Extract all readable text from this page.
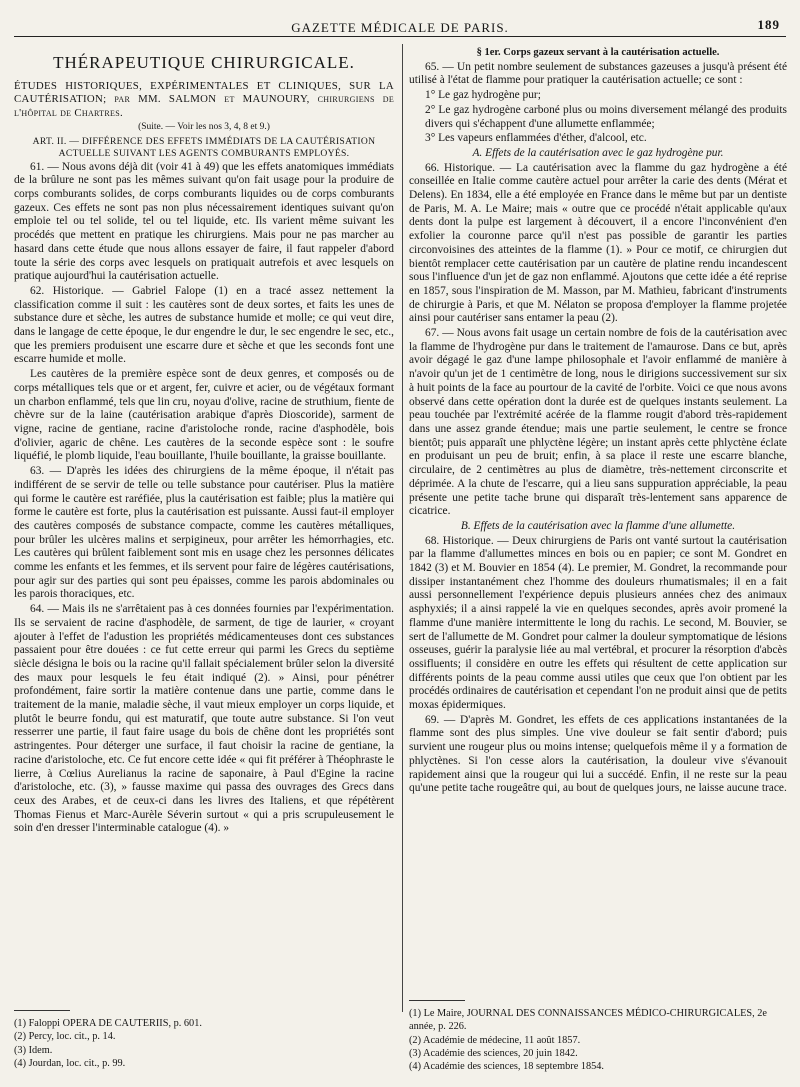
GAZETTE MÉDICALE DE PARIS.	189
THÉRAPEUTIQUE CHIRURGICALE.

ÉTUDES HISTORIQUES, EXPÉRIMENTALES ET CLINIQUES, SUR LA CAUTÉRISATION; par MM. SALMON et MAUNOURY, chirurgiens de l'hôpital de Chartres.

(Suite. — Voir les nos 3, 4, 8 et 9.)

ART. II. — DIFFÉRENCE DES EFFETS IMMÉDIATS DE LA CAUTÉRISATION ACTUELLE SUIVANT LES AGENTS COMBURANTS EMPLOYÉS.

61. — Nous avons déjà dit (voir 41 à 49) que les effets anatomiques immédiats de la brûlure ne sont pas les mêmes suivant qu'on fait usage pour la produire de corps comburants solides, de corps comburants liquides ou de corps comburants gazeux. Ces effets ne sont pas non plus nécessairement identiques suivant qu'on emploie tel ou tel solide, tel ou tel liquide, etc. Ils varient même suivant les procédés que mettent en pratique les chirurgiens. Mais pour ne pas marcher au hasard dans cette étude que nous allons essayer de faire, il faut rappeler d'abord toute la série des corps avec lesquels on pratiquait autrefois et avec lesquels on pratique aujourd'hui la cautérisation actuelle.

62. Historique. — Gabriel Falope (1) en a tracé assez nettement la classification comme il suit : les cautères sont de deux sortes, et faits les unes de substance dure et sèche, les autres de substance humide et molle; ce qui veut dire, dans le langage de cette époque, le dur engendre le dur, le sec engendre le sec, etc., que les premiers produisent une escarre dure et sèche et que les seconds font une escarre humide et molle.

Les cautères de la première espèce sont de deux genres, et composés ou de corps métalliques tels que or et argent, fer, cuivre et acier, ou de végétaux formant un charbon enflammé, tels que lin cru, noyau d'olive, racine de struthium, fiente de chèvre sur de la laine (cautérisation arabique d'après Dioscoride), sarment de vigne, racine de gentiane, racine d'aristoloche ronde, racine d'asphodèle, bois d'olivier, agaric de chêne. Les cautères de la seconde espèce sont : le soufre liquéfié, le plomb liquide, l'eau bouillante, l'huile bouillante, la graisse bouillante.

63. — D'après les idées des chirurgiens de la même époque, il n'était pas indifférent de se servir de telle ou telle substance pour cautériser. Plus la matière qui forme le cautère est raréfiée, plus la cautérisation est faible; plus la matière qui forme le cautère est forte, plus la cautérisation est puissante. Aussi faut-il employer des cautères composés de substance compacte, comme les cautères métalliques, pour brûler les ulcères malins et serpigineux, pour arrêter les hémorrhagies, etc. Les cautères qui brûlent faiblement sont mis en usage chez les personnes délicates comme les enfants et les femmes, et ils servent pour faire de légères cautérisations, pour agir sur des parties qui sont peu épaisses, comme les parois abdominales ou les parois thoraciques, etc.

64. — Mais ils ne s'arrêtaient pas à ces données fournies par l'expérimentation. Ils se servaient de racine d'asphodèle, de sarment, de tige de laurier, « croyant ajouter à l'effet de l'adustion les propriétés médicamenteuses dont ces substances passaient pour être douées : ce fut cette erreur qui parmi les Grecs du septième siècle désigna le bois ou la racine qu'il fallait spécialement brûler selon la diversité des maux pour lesquels le feu était indiqué (2). » Ainsi, pour pénétrer profondément, faire sortir la matière contenue dans une partie, comme dans le traitement de la manie, maladie sèche, il vaut mieux employer un corps liquide, et plutôt le beurre fondu, qui est maturatif, que toute autre substance. Si l'on veut resserrer une partie, il faut faire usage du bois de chêne dont les propriétés sont astringentes. Pour déterger une surface, il faut choisir la racine de gentiane, la racine d'aristoloche, etc. Ce fut encore cette idée « qui fit préférer à Théophraste le lierre, à Cœlius Aurelianus la racine de saponaire, à Paul d'Egine la racine d'aristoloche, etc. (3), » fausse maxime qui passa des ouvrages des Grecs dans ceux des Arabes, et de ceux-ci dans les livres des Italiens, et que répétèrent Thomas Fienus et Marc-Aurèle Séverin surtout « qui a pris scrupuleusement le soin d'en dresser l'interminable catalogue (4). »

§ 1er. Corps gazeux servant à la cautérisation actuelle.

65. — Un petit nombre seulement de substances gazeuses a jusqu'à présent été utilisé à l'état de flamme pour pratiquer la cautérisation actuelle; ce sont :

1° Le gaz hydrogène pur;

2° Le gaz hydrogène carboné plus ou moins diversement mélangé des produits divers qui s'échappent d'une allumette enflammée;

3° Les vapeurs enflammées d'éther, d'alcool, etc.

A. Effets de la cautérisation avec le gaz hydrogène pur.

66. Historique. — La cautérisation avec la flamme du gaz hydrogène a été conseillée en Italie comme cautère actuel pour arrêter la carie des dents (Mérat et Delens). En 1834, elle a été employée en France dans le même but par un dentiste de Paris, M. A. Le Maire; mais « outre que ce procédé n'était applicable qu'aux dents dont la pulpe est largement à découvert, il a encore l'inconvénient d'en exfolier la couronne parce qu'il n'est pas possible de garantir les parties circonvoisines des atteintes de la flamme (1). » Pour ce motif, ce chirurgien dut bientôt remplacer cette cautérisation par un cautère de platine rendu incandescent sous l'influence d'un jet de gaz non enflammé. Ajoutons que cette idée a été reprise en 1857, sous l'inspiration de M. Masson, par M. Mathieu, fabricant d'instruments de chirurgie à Paris, et que M. Nélaton se proposa d'employer la flamme projetée ainsi pour cautériser sans entamer la peau (2).

67. — Nous avons fait usage un certain nombre de fois de la cautérisation avec la flamme de l'hydrogène pur dans le traitement de l'amaurose. Dans ce but, après avoir dégagé le gaz d'une lampe philosophale et l'avoir enflammé de manière à n'avoir qu'un jet de 1 centimètre de long, nous le dirigions successivement sur six à huit points de la face au pourtour de la cavité de l'orbite. Voici ce que nous avons observé dans cette opération dont la durée est de quelques instants seulement. La peau touchée par l'extrémité acérée de la flamme rougit d'abord très-rapidement dans une assez grande étendue; mais une partie seulement, le centre se fronce bientôt; puis apparaît une phlyctène légère; un instant après cette phlyctène éclate en produisant un peu de bruit; enfin, à sa place il reste une escarre blanche, circulaire, de 2 centimètres au plus de diamètre, très-nettement circonscrite et déprimée. A la chute de l'escarre, qui a lieu sans suppuration appréciable, la peau présente une petite tache brune qui disparaît très-lentement sans apparence de cicatrice.

B. Effets de la cautérisation avec la flamme d'une allumette.

68. Historique. — Deux chirurgiens de Paris ont vanté surtout la cautérisation par la flamme d'allumettes minces en bois ou en papier; ce sont M. Gondret en 1842 (3) et M. Bouvier en 1854 (4). Le premier, M. Gondret, la recommande pour dissiper instantanément chez l'homme des douleurs rhumatismales; il en a fait aussi personnellement l'expérience depuis plusieurs années chez des animaux asphyxiés; il a ainsi rappelé la vie en quelques secondes, après avoir promené la flamme d'une manière intermittente le long du rachis. Le second, M. Bouvier, se sert de l'allumette de M. Gondret pour calmer la douleur symptomatique de lésions osseuses, guérir la paralysie liée au mal vertébral, et procurer la résorption d'abcès ossifluents; il considère en outre les effets qui résultent de cette application sur différents points de la peau comme aussi utiles que ceux que l'on obtient par les procédés ordinaires de cautérisation et cependant l'on ne produit ainsi que de petits moxas épidermiques.

69. — D'après M. Gondret, les effets de ces applications instantanées de la flamme sont des plus simples. Une vive douleur se fait sentir d'abord; puis survient une rougeur plus ou moins intense; quelquefois même il y a formation de phlyctènes. Si l'on cesse alors la cautérisation, la douleur vive s'évanouit rapidement ainsi que la rougeur qui lui a succédé. Enfin, il ne reste sur la peau qu'une petite tache rougeâtre qui, au bout de quelques jours, ne laisse aucune trace.

(1) Faloppi OPERA DE CAUTERIIS, p. 601.

(2) Percy, loc. cit., p. 14.

(3) Idem.

(4) Jourdan, loc. cit., p. 99.

(1) Le Maire, JOURNAL DES CONNAISSANCES MÉDICO-CHIRURGICALES, 2e année, p. 226.

(2) Académie de médecine, 11 août 1857.

(3) Académie des sciences, 20 juin 1842.

(4) Académie des sciences, 18 septembre 1854.
